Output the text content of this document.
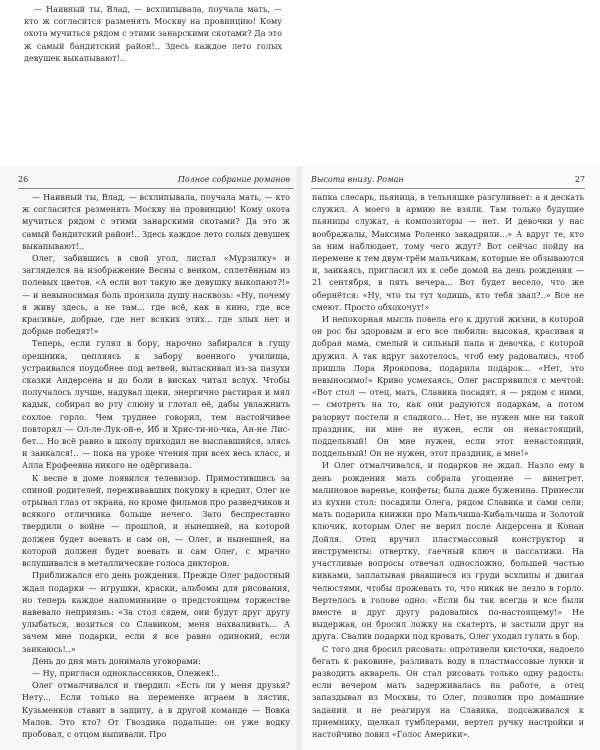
— Наивный ты, Влад, — всхлипывала, поучала мать, — кто ж согласится разменять Москву на провинцию! Кому охота мучиться рядом с этими занарскими скотами? Да это ж самый бандитский район!.. Здесь каждое лето голых девушек выкапывают!..

26	Полное собрание романов	Высота внизу. Роман	27

— Наивный ты, Влад, — всхлипывала, поучала мать, — кто ж согласится разменять Москву на провинцию! Кому охота мучиться рядом с этими занарскими скотами? Да это ж самый бандитский район!.. Здесь каждое лето голых девушек выкапывают!..

Олег, забившись в свой угол, листал «Мурзилку» и загляделся на изображение Весны с венком, сплетённым из полевых цветов. «А если вот такую же девушку выкопают?!» — и невыносимая боль пронзила душу насквозь: «Ну, почему я живу здесь, а не там... где всё, как в кино, где все красивые, добрые, где нет всяких этих... где злых нет и добрые победят!»

Теперь, если гулял в бору, нарочно забирался в гущу орешника, цепляясь к забору военного училища, устраивался поудобнее под ветвей, вытаскивал из-за пазухи сказки Андерсена и до боли в висках читал вслух. Чтобы получалось лучше, надувал щеки, энергично растирая и мял кадык, собирал во рту слюну и глотал её, дабы увлажнить сохлое горло. Чем труднее говорил, тем настойчивее повторял — Ол-ле-Лук-ой-е, Иб и Хрис-ти-но-чка, Ан-не Лис-бет... Но всё равно в школу приходил не выспавшийся, злясь и заикался!.. — пока на уроке чтения при всех весь класс, и Алла Ерофеевна никого не одёргивала.

К весне в доме появился телевизор. Примостившись за спиной родителей, переживавших покупку в кредит, Олег не отрывал глаз от экрана, но кроме фильмов про разведчиков и всякого отличника больше нечего. Зато беспрестанно твердили о войне — прошлой, и нынешней, на которой должен будет воевать и сам он, — Олег, и нынешней, на которой должен будет воевать и сам Олег, с мрачно вслушивался в металлические голоса дикторов.

Приближался его день рождения. Прежде Олег радостный ждал подарки — игрушки, краски, альбомы для рисования, но теперь каждое напоминание о предстоящем торжестве навевало неприязнь: «За стол сядем, они будут друг другу улыбаться, возиться со Славиком, меня нахваливать... А зачем мне подарки, если я все равно одинокий, если заикаюсь!..»

День до дня мать донимала уговорами:

— Ну, пригласи одноклассников, Олежек!..

Олег отмалчивался и твердил: «Есть ли у меня друзья? Нету... Если только на переменке играем в лястик, Кузьменков ставит в защиту, а в другой команде — Вовка Малов. Это кто? От Гвоздика подальше: он уже водку пробовал, с отцом выпивали. Про

папка слесарь, пьяница, в тельняшке разгуливает: а я дескать служил. А моего в армию не взяли. Там только будущие пьяницы служат, а композиторы — нет. И девочки у нас воображалы, Максима Роленко закадрили...» А вдруг те, кто за ним наблюдает, тому чего ждут? Вот сейчас пойду на перемене к тем двум-трём мальчикам, которые не обзываются и, заикаясь, пригласил их к себе домой на день рождения — 21 сентября, в пять вечера... Вот будет весело, что же обернётся: «Ну, что ты тут ходишь, кто тебя звал?..» Все не смеют. Просто обхохочут!»

И непокорная мысль повела его к другой жизни, в которой он рос бы здоровым и его все любили: высокая, красивая и добрая мама, смелый и сильный папа и девочка, с которой дружил. А так вдруг захотелось, чтоб ему радовались, чтоб пришла Лора Ярокопова, подарила подарок... «Нет, это невыносимо!» Криво усмехаясь, Олег распрявился с мечтой: «Вот стол — отец, мать, Славика посадят, я — рядом с ними, — смотреть на то, как они радуются подаркам, а потом разорвут постели и сладкого... Нет, не нужен мне ни такой праздник, ни мне не нужен, если он ненастоящий, поддельный! Он мне нужен, если этот ненастоящий, поддельный! Он не нужен, этот праздник, а мне!»

И Олег отмалчивался, и подарков не ждал. Назло ему в день рождения мать собрала угощение — винегрет, малиновое варенье, конфеты; была даже буженина. Принесли из кухни стол: посадили Олега, рядом Славика и сами сели; мать подарила книжки про Мальчиша-Кибальчиша и Золотой ключик, которым Олег не верил после Андерсена и Конан Дойля. Отец вручил пластмассовый конструктор и инструменты: отвертку, гаечный ключ и пассатижи. На участливые вопросы отвечал односложно, большей частью кивками, заплатывая рвавшиеся из груди всхлипы и двигая челюстями, чтобы прожевать то, что никак не лезло в горло. Вертелось в голове одно: «Если бы так всегда и все были вместе и друг другу радовались по-настоящему!» Не выдержав, он бросил ложку на скатерть, и застыли друг на друга. Свалив подарки под кровать, Олег уходил гулять в бор.

С того дня бросил рисовать: опротивели кисточки, надоело бегать к раковине, разливать воду в пластмассовые лунки и разводить акварель. Он стал рисовать только одну радость: если вечером мать задерживалась на работе, а отец запаздывал из Москвы, то Олег, позволив про домашние задания и не реагируя на Славика, подсаживался к приемнику, щелкал тумблерами, вертел ручку настройки и настойчиво ловил «Голос Америки».
